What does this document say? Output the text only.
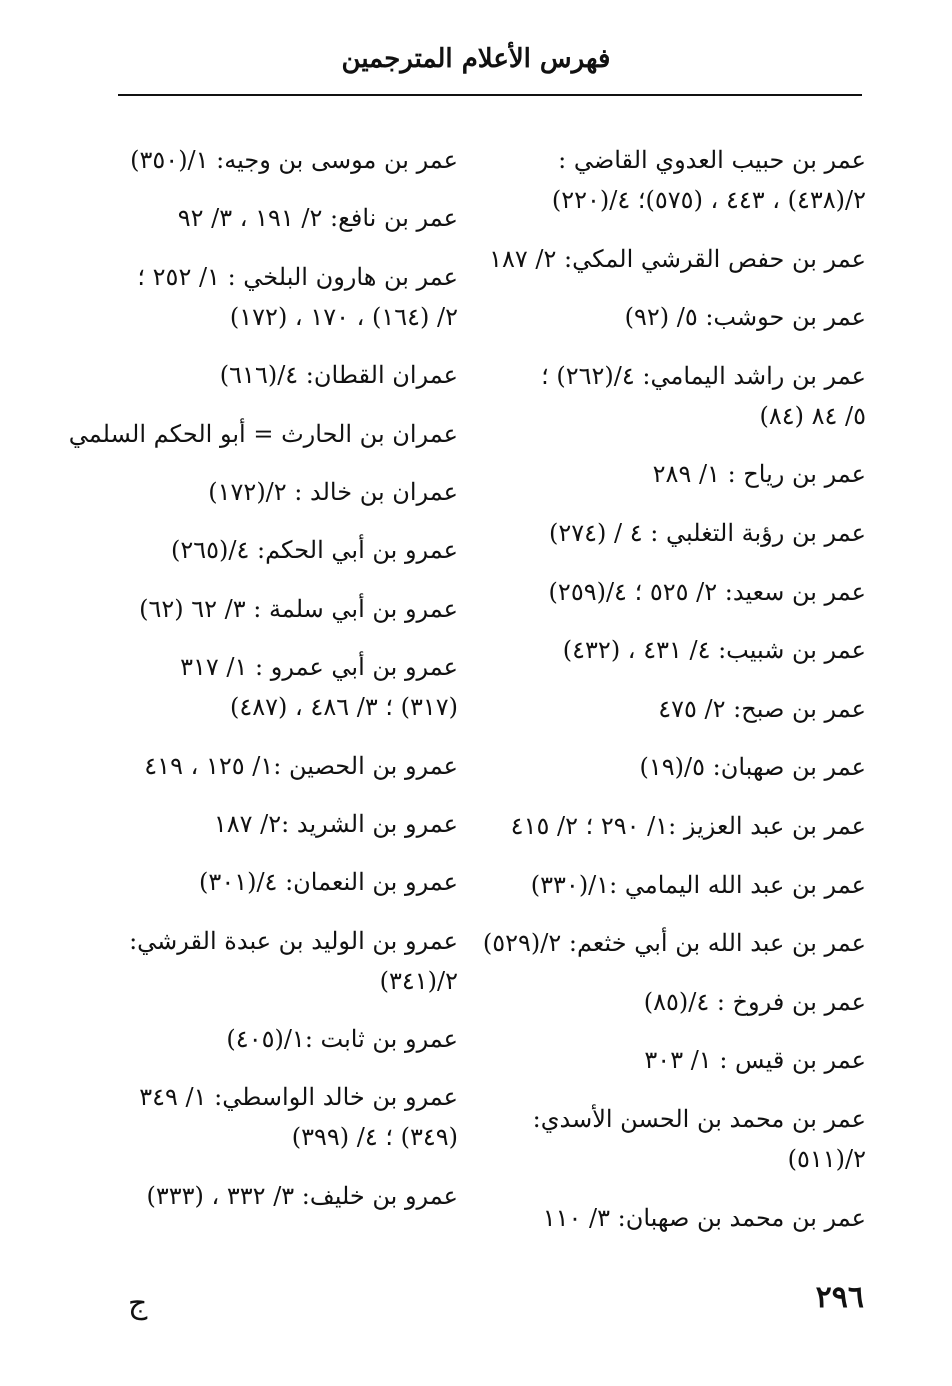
فهرس الأعلام المترجمين
عمر بن حبيب العدوي القاضي : ٢/(٤٣٨) ، ٤٤٣ ، (٥٧٥)؛ ٤/(٢٢٠)
عمر بن حفص القرشي المكي: ٢/ ١٨٧
عمر بن حوشب: ٥/ (٩٢)
عمر بن راشد اليمامي: ٤/(٢٦٢) ؛ ٥/ ٨٤ (٨٤)
عمر بن رياح : ١/ ٢٨٩
عمر بن رؤبة التغلبي : ٤ / (٢٧٤)
عمر بن سعيد: ٢/ ٥٢٥ ؛ ٤/(٢٥٩)
عمر بن شبيب: ٤/ ٤٣١ ، (٤٣٢)
عمر بن صبح: ٢/ ٤٧٥
عمر بن صهبان: ٥/(١٩)
عمر بن عبد العزيز :١/ ٢٩٠ ؛ ٢/ ٤١٥
عمر بن عبد الله اليمامي :١/(٣٣٠)
عمر بن عبد الله بن أبي خثعم: ٢/(٥٢٩)
عمر بن فروخ : ٤/(٨٥)
عمر بن قيس : ١/ ٣٠٣
عمر بن محمد بن الحسن الأسدي: ٢/(٥١١)
عمر بن محمد بن صهبان: ٣/ ١١٠
عمر بن موسى بن وجيه: ١/(٣٥٠)
عمر بن نافع: ٢/ ١٩١ ، ٣/ ٩٢
عمر بن هارون البلخي : ١/ ٢٥٢ ؛ ٢/ (١٦٤) ، ١٧٠ ، (١٧٢)
عمران القطان: ٤/(٦١٦)
عمران بن الحارث = أبو الحكم السلمي
عمران بن خالد : ٢/(١٧٢)
عمرو بن أبي الحكم: ٤/(٢٦٥)
عمرو بن أبي سلمة : ٣/ ٦٢ (٦٢)
عمرو بن أبي عمرو : ١/ ٣١٧ (٣١٧) ؛ ٣/ ٤٨٦ ، (٤٨٧)
عمرو بن الحصين :١/ ١٢٥ ، ٤١٩
عمرو بن الشريد :٢/ ١٨٧
عمرو بن النعمان: ٤/(٣٠١)
عمرو بن الوليد بن عبدة القرشي: ٢/(٣٤١)
عمرو بن ثابت :١/(٤٠٥)
عمرو بن خالد الواسطي: ١/ ٣٤٩ (٣٤٩) ؛ ٤/ (٣٩٩)
عمرو بن خليف: ٣/ ٣٣٢ ، (٣٣٣)
٢٩٦
ج
